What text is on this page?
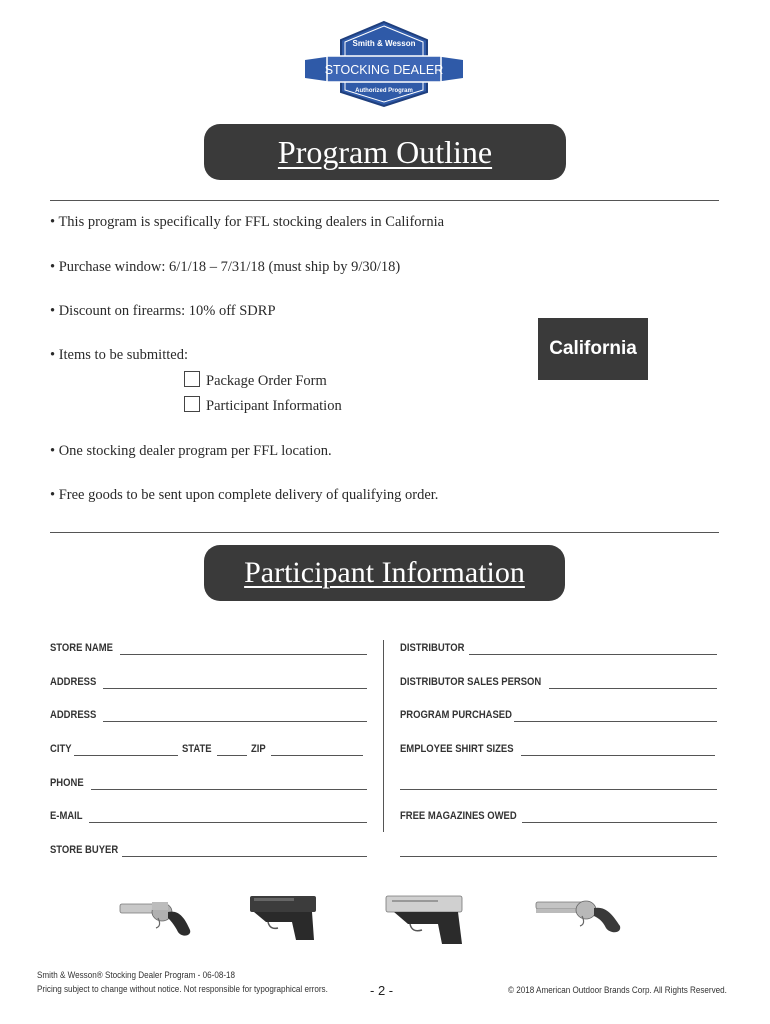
Smith & Wesson
STOCKING DEALER
Authorized Program
Program Outline
• This program is specifically for FFL stocking dealers in California
• Purchase window: 6/1/18 – 7/31/18 (must ship by 9/30/18)
• Discount on firearms: 10% off SDRP
• Items to be submitted:
Package Order Form
Participant Information
• One stocking dealer program per FFL location.
• Free goods to be sent upon complete delivery of qualifying order.
California
Participant Information
STORE NAME
ADDRESS
ADDRESS
CITY	STATE	ZIP
PHONE
E-MAIL
STORE BUYER
DISTRIBUTOR
DISTRIBUTOR SALES PERSON
PROGRAM PURCHASED
EMPLOYEE SHIRT SIZES
FREE MAGAZINES OWED
Smith & Wesson® Stocking Dealer Program - 06-08-18
Pricing subject to change without notice. Not responsible for typographical errors.	- 2 -	© 2018 American Outdoor Brands Corp. All Rights Reserved.
